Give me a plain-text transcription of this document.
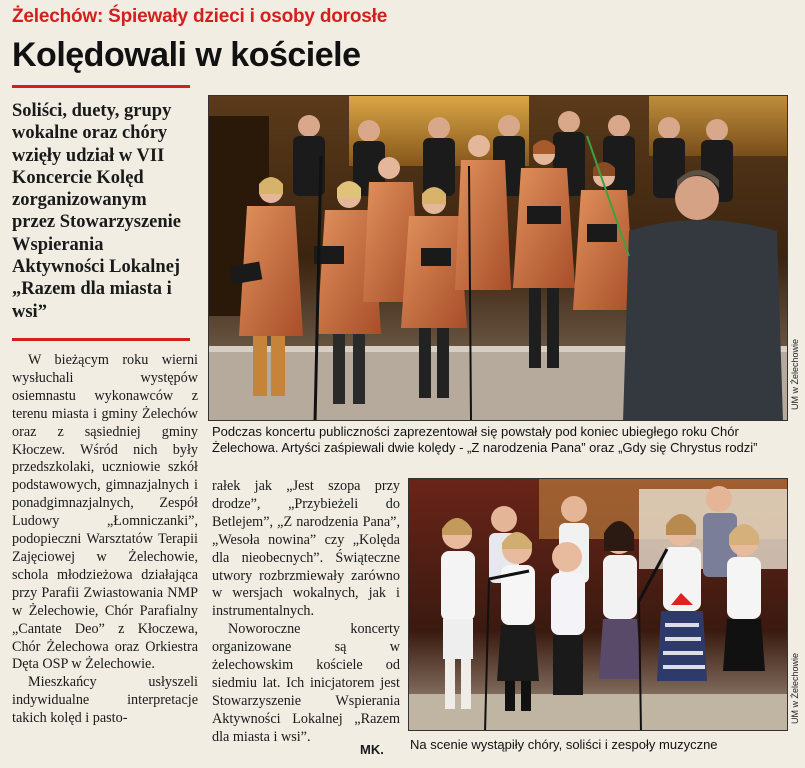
Żelechów: Śpiewały dzieci i osoby dorosłe
Kolędowali w kościele
Soliści, duety, grupy wokalne oraz chóry wzięły udział w VII Koncercie Kolęd zorganizowanym przez Stowarzyszenie Wspierania Aktywności Lokalnej „Razem dla miasta i wsi”

W bieżącym roku wierni wysłuchali występów osiemnastu wykonawców z terenu miasta i gminy Żelechów oraz z sąsiedniej gminy Kłoczew. Wśród nich były przedszkolaki, uczniowie szkół podstawowych, gimnazjalnych i ponadgimnazjalnych, Zespół Ludowy „Łomniczanki”, podopieczni Warsztatów Terapii Zajęciowej w Żelechowie, schola młodzieżowa działająca przy Parafii Zwiastowania NMP w Żelechowie, Chór Parafialny „Cantate Deo” z Kłoczewa, Chór Żelechowa oraz Orkiestra Dęta OSP w Żelechowie.

Mieszkańcy usłyszeli indywidualne interpretacje takich kolęd i pasto-

rałek jak „Jest szopa przy drodze”, „Przybieżeli do Betlejem”, „Z narodzenia Pana”, „Wesoła nowina” czy „Kolęda dla nieobecnych”. Świąteczne utwory rozbrzmiewały zarówno w wersjach wokalnych, jak i instrumentalnych.

Noworoczne koncerty organizowane są w żelechowskim kościele od siedmiu lat. Ich inicjatorem jest Stowarzyszenie Wspierania Aktywności Lokalnej „Razem dla miasta i wsi”.

MK.
UM w Żelechowie
Podczas koncertu publiczności zaprezentował się powstały pod koniec ubiegłego roku Chór Żelechowa. Artyści zaśpiewali dwie kolędy - „Z narodzenia Pana” oraz „Gdy się Chrystus rodzi”
UM w Żelechowie
Na scenie wystąpiły chóry, soliści i zespoły muzyczne
